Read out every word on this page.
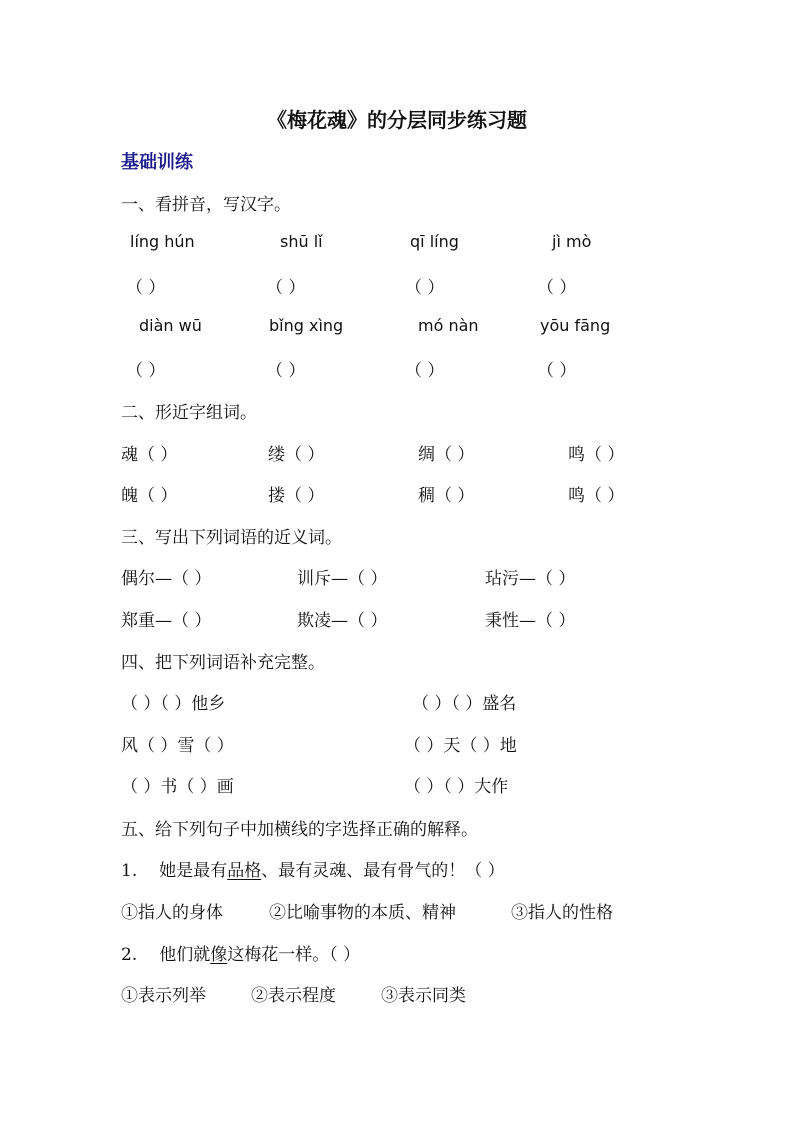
《梅花魂》的分层同步练习题
基础训练
一、看拼音，写汉字。
líng hún	shū lǐ	qī líng	jì mò
（ ）	（ ）	（ ）	（ ）
diàn wū	bǐng xìng	mó nàn	yōu fāng
（ ）	（ ）	（ ）	（ ）
二、形近字组词。
魂（ ）	缕（ ）	绸（ ）	鸣（ ）
魄（ ）	搂（ ）	稠（ ）	鸣（ ）
三、写出下列词语的近义词。
偶尔—（ ）	训斥—（ ）	玷污—（ ）
郑重—（ ）	欺凌—（ ）	秉性—（ ）
四、把下列词语补充完整。
（ ）（ ）他乡	（ ）（ ）盛名
风（ ）雪（ ）	（ ）天（ ）地
（ ）书（ ）画	（ ）（ ）大作
五、给下列句子中加横线的字选择正确的解释。
1. 她是最有品格、最有灵魂、最有骨气的！（ ）
①指人的身体	②比喻事物的本质、精神	③指人的性格
2. 他们就像这梅花一样。（ ）
①表示列举	②表示程度	③表示同类
